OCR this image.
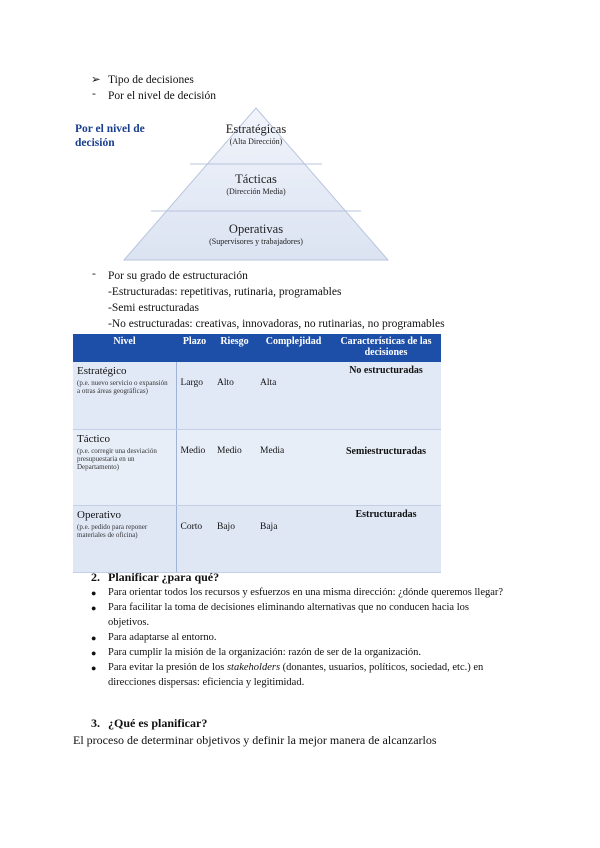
➢ Tipo de decisiones
- Por el nivel de decisión
Por el nivel de decisión
Estratégicas
(Alta Dirección)
Tácticas
(Dirección Media)
Operativas
(Supervisores y trabajadores)
- Por su grado de estructuración
-Estructuradas: repetitivas, rutinaria, programables
-Semi estructuradas
-No estructuradas: creativas, innovadoras, no rutinarias, no programables
Nivel	Plazo	Riesgo	Complejidad	Características de las decisiones

Estratégico
(p.e. nuevo servicio o expansión a otras áreas geográficas)	Largo	Alto	Alta	No estructuradas

Táctico
(p.e. corregir una desviación presupuestaria en un Departamento)	Medio	Medio	Media	Semiestructuradas

Operativo
(p.e. pedido para reponer materiales de oficina)	Corto	Bajo	Baja	Estructuradas
2. Planificar ¿para qué?
● Para orientar todos los recursos y esfuerzos en una misma dirección: ¿dónde queremos llegar?
● Para facilitar la toma de decisiones eliminando alternativas que no conducen hacia los objetivos.
● Para adaptarse al entorno.
● Para cumplir la misión de la organización: razón de ser de la organización.
● Para evitar la presión de los stakeholders (donantes, usuarios, políticos, sociedad, etc.) en direcciones dispersas: eficiencia y legitimidad.
3. ¿Qué es planificar?
El proceso de determinar objetivos y definir la mejor manera de alcanzarlos
